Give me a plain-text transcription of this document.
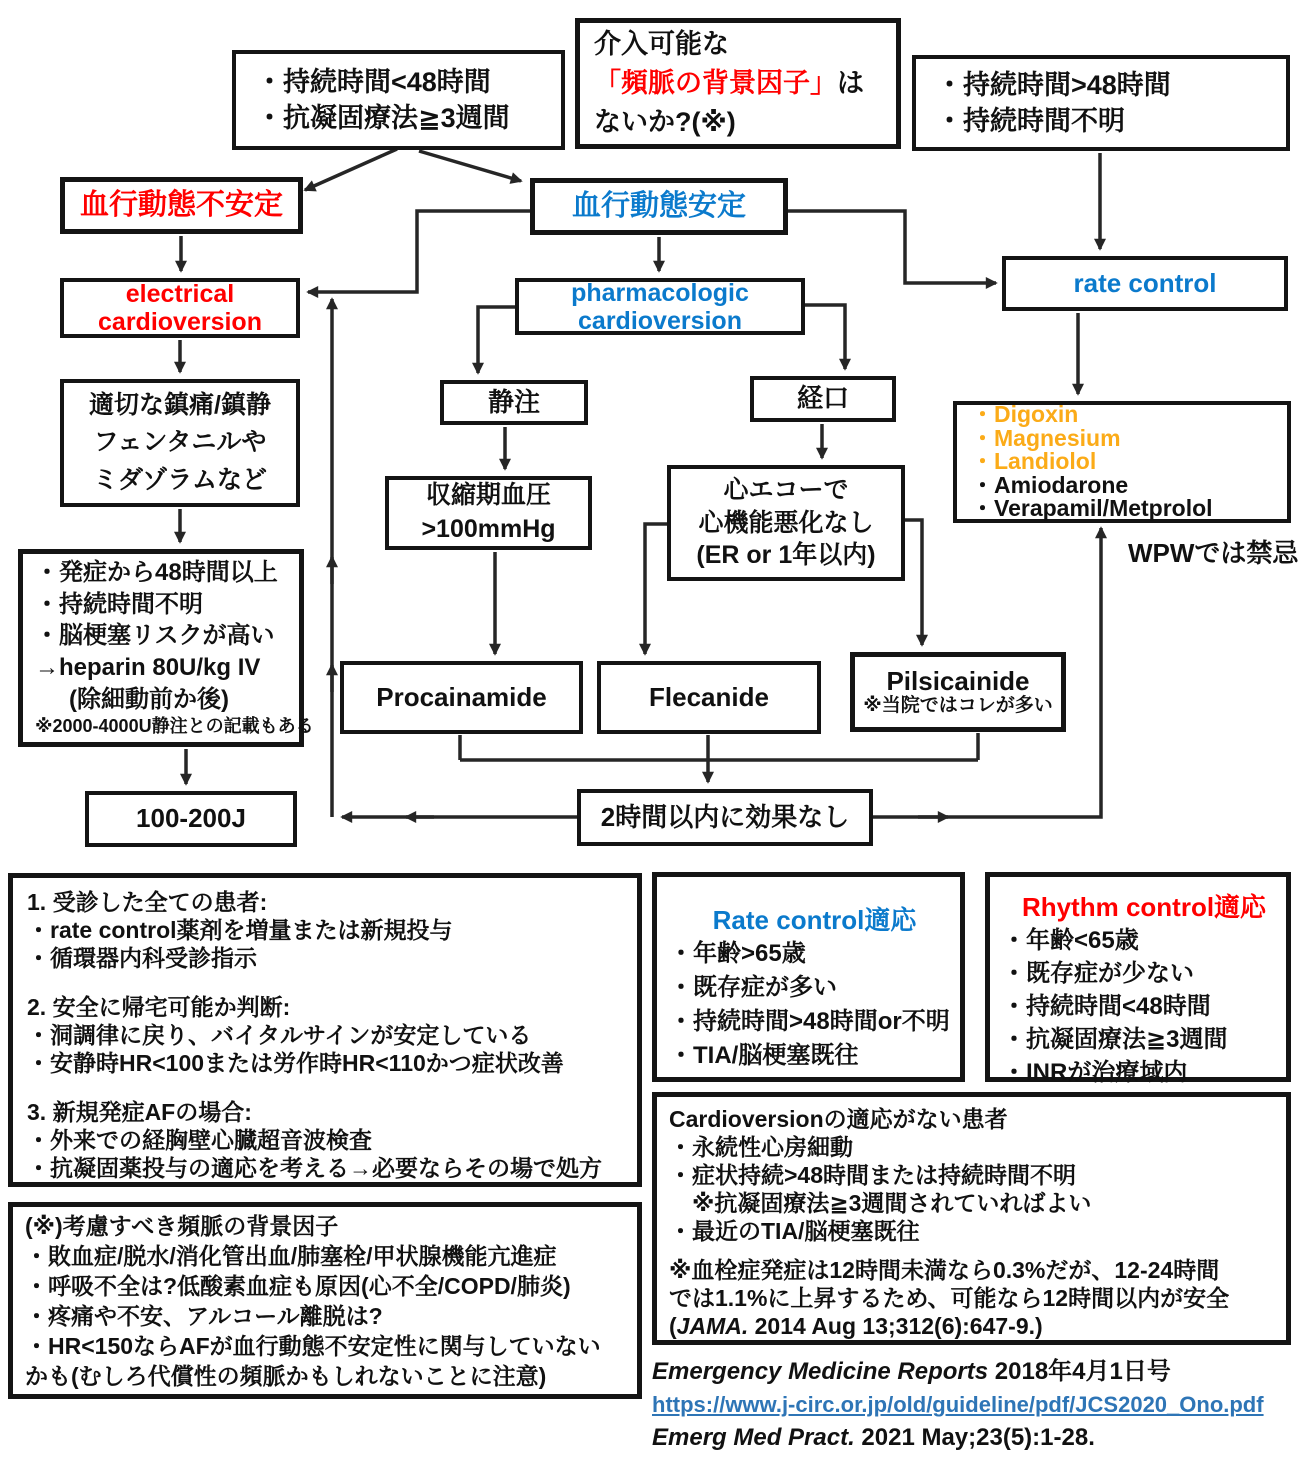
・持続時間<48時間
・抗凝固療法≧3週間
介入可能な
「頻脈の背景因子」は
ないか?(※)
・持続時間>48時間
・持続時間不明
血行動態不安定	血行動態安定
electrical
cardioversion
pharmacologic
cardioversion
rate control
適切な鎮痛/鎮静
フェンタニルや
ミダゾラムなど
静注	経口
・Digoxin
・Magnesium
・Landiolol
・Amiodarone
・Verapamil/Metprolol
WPWでは禁忌
収縮期血圧
>100mmHg
心エコーで
心機能悪化なし
(ER or 1年以内)
・発症から48時間以上
・持続時間不明
・脳梗塞リスクが高い
→heparin 80U/kg IV
(除細動前か後)
※2000-4000U静注との記載もある
Procainamide	Flecanide
Pilsicainide
※当院ではコレが多い
100-200J	2時間以内に効果なし
1. 受診した全ての患者:
・rate control薬剤を増量または新規投与
・循環器内科受診指示
2. 安全に帰宅可能か判断:
・洞調律に戻り、バイタルサインが安定している
・安静時HR<100または労作時HR<110かつ症状改善
3. 新規発症AFの場合:
・外来での経胸壁心臓超音波検査
・抗凝固薬投与の適応を考える→必要ならその場で処方
(※)考慮すべき頻脈の背景因子
・敗血症/脱水/消化管出血/肺塞栓/甲状腺機能亢進症
・呼吸不全は?低酸素血症も原因(心不全/COPD/肺炎)
・疼痛や不安、アルコール離脱は?
・HR<150ならAFが血行動態不安定性に関与していない
かも(むしろ代償性の頻脈かもしれないことに注意)
Rate control適応
・年齢>65歳
・既存症が多い
・持続時間>48時間or不明
・TIA/脳梗塞既往
Rhythm control適応
・年齢<65歳
・既存症が少ない
・持続時間<48時間
・抗凝固療法≧3週間
・INRが治療域内
Cardioversionの適応がない患者
・永続性心房細動
・症状持続>48時間または持続時間不明
　※抗凝固療法≧3週間されていればよい
・最近のTIA/脳梗塞既往
※血栓症発症は12時間未満なら0.3%だが、12-24時間
では1.1%に上昇するため、可能なら12時間以内が安全
(JAMA. 2014 Aug 13;312(6):647-9.)
Emergency Medicine Reports 2018年4月1日号
https://www.j-circ.or.jp/old/guideline/pdf/JCS2020_Ono.pdf
Emerg Med Pract. 2021 May;23(5):1-28.
